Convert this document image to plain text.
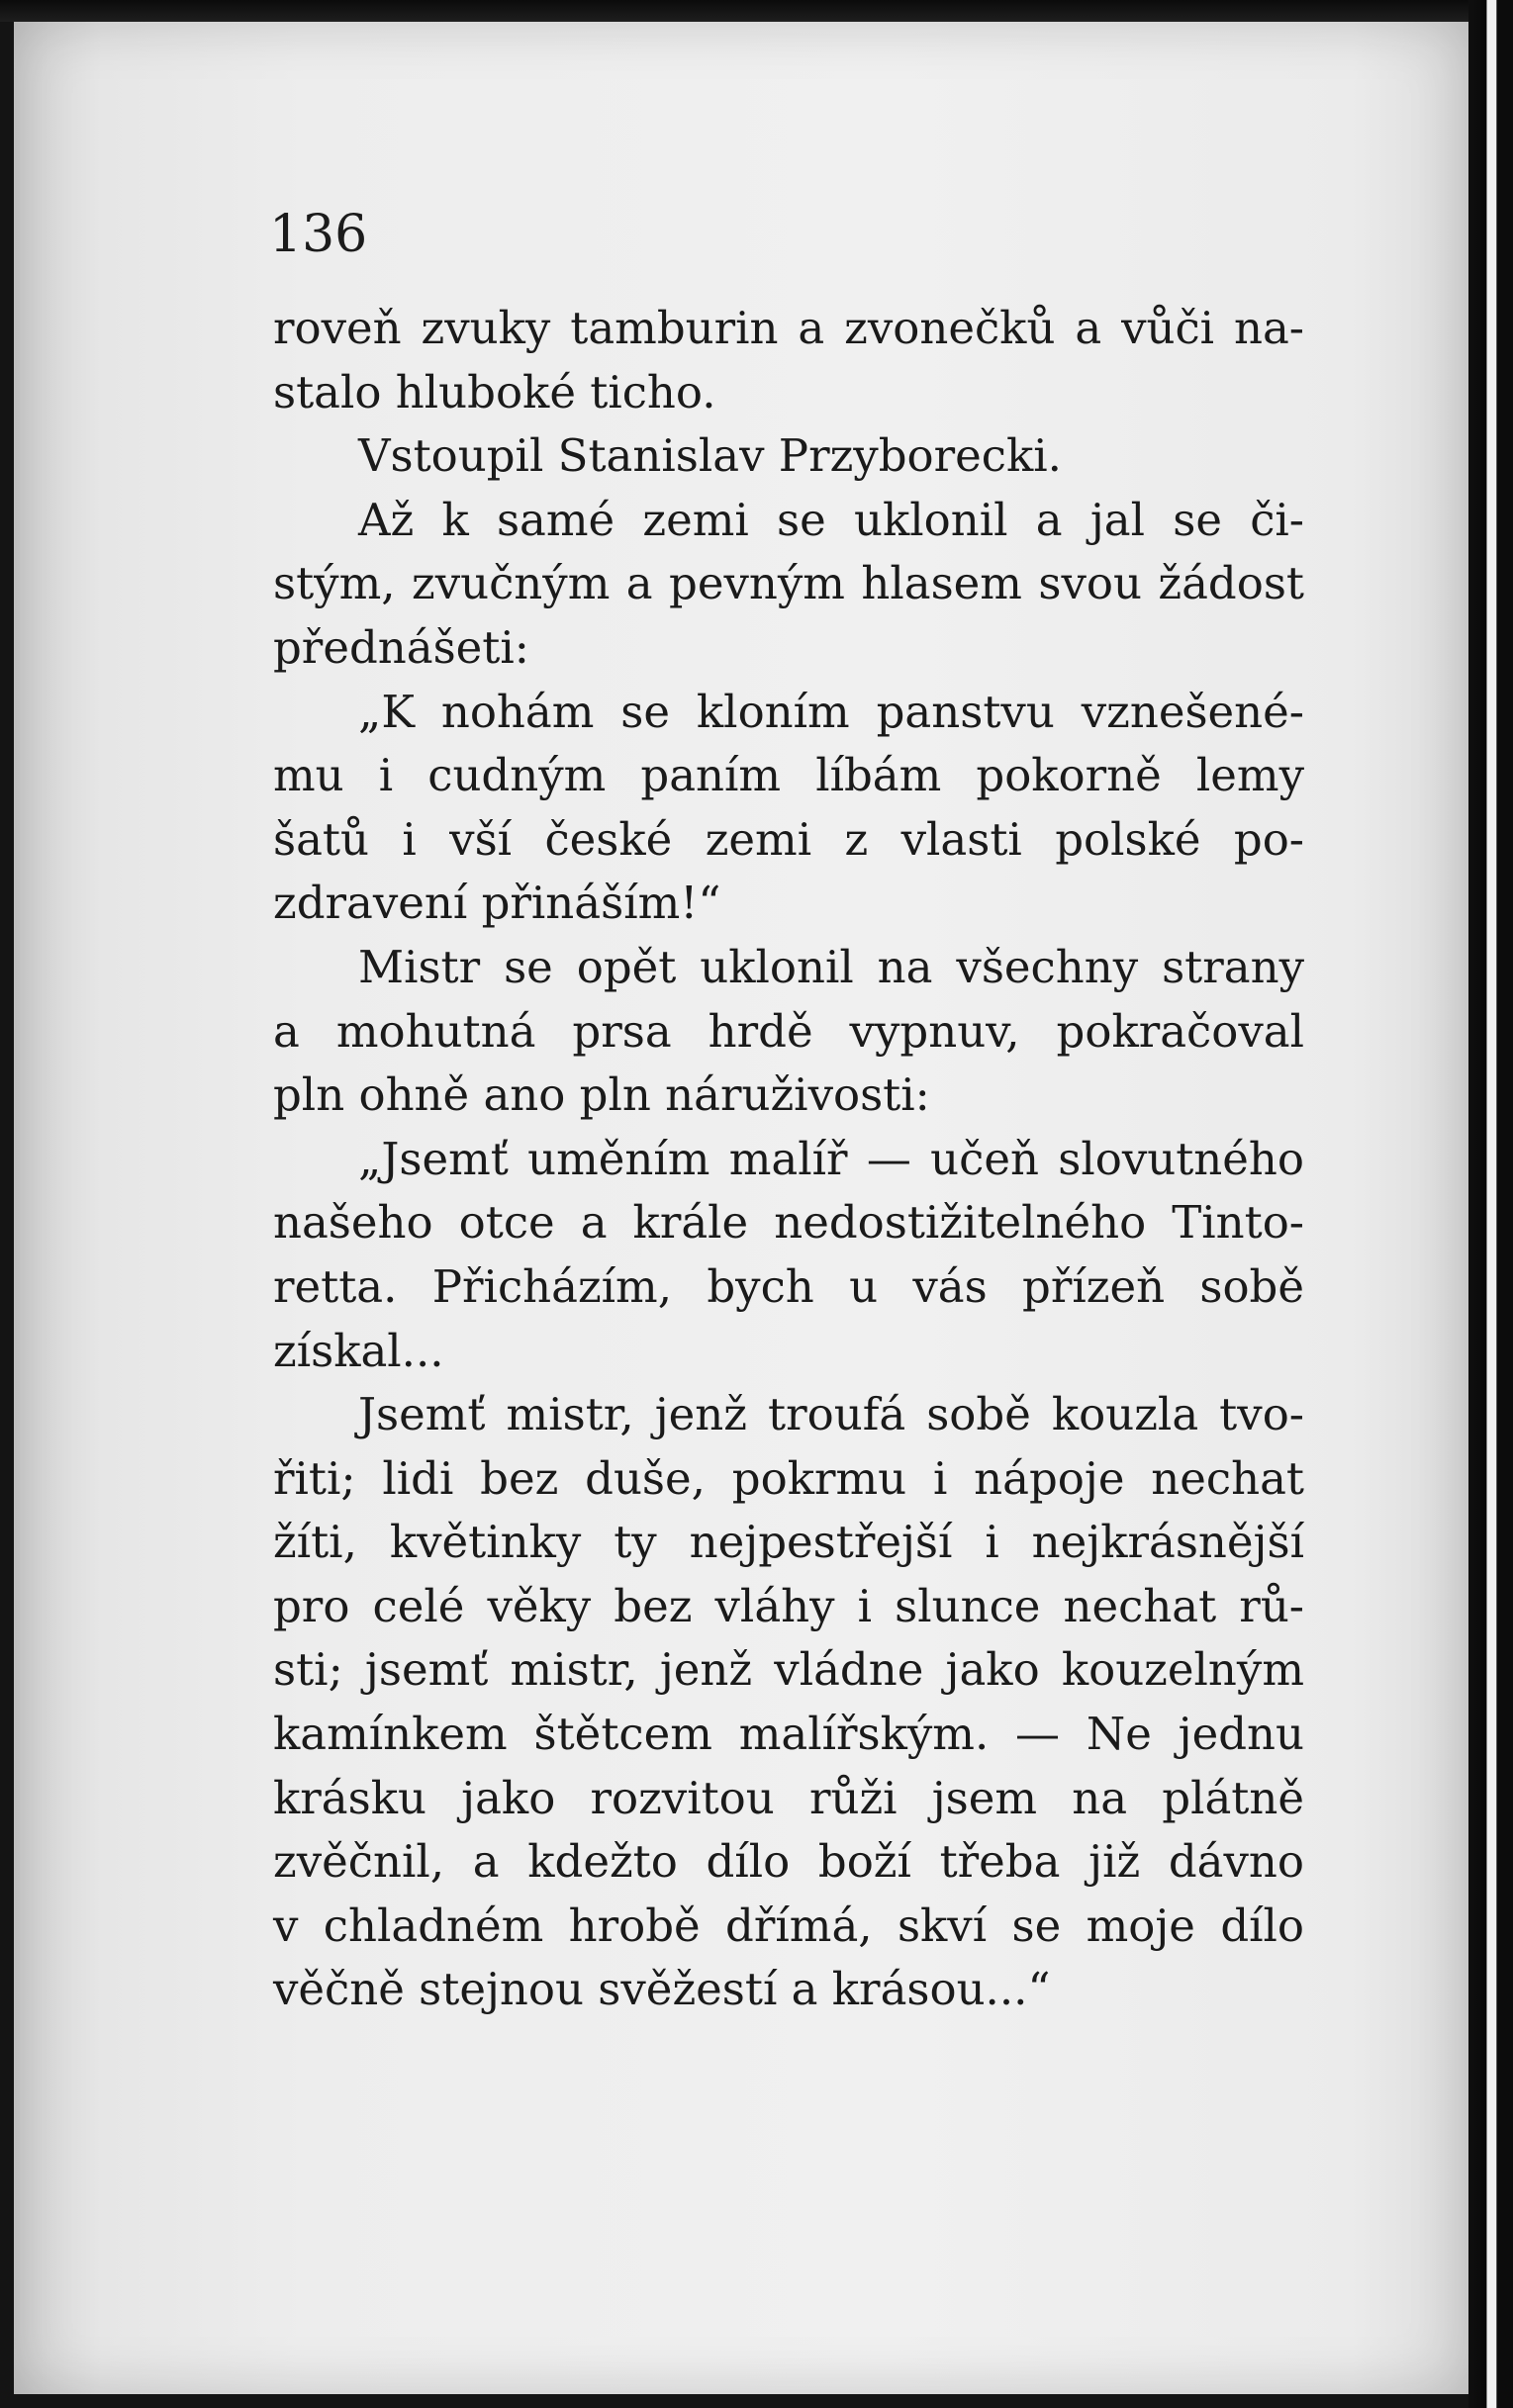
136
roveň zvuky tamburin a zvonečků a vůči na-
stalo hluboké ticho.
Vstoupil Stanislav Przyborecki.
Až k samé zemi se uklonil a jal se či-
stým, zvučným a pevným hlasem svou žádost
přednášeti:
„K nohám se kloním panstvu vznešené-
mu i cudným paním líbám pokorně lemy
šatů i vší české zemi z vlasti polské po-
zdravení přináším!“
Mistr se opět uklonil na všechny strany
a mohutná prsa hrdě vypnuv, pokračoval
pln ohně ano pln náruživosti:
„Jsemť uměním malíř — učeň slovutného
našeho otce a krále nedostižitelného Tinto-
retta. Přicházím, bych u vás přízeň sobě
získal...
Jsemť mistr, jenž troufá sobě kouzla tvo-
řiti; lidi bez duše, pokrmu i nápoje nechat
žíti, květinky ty nejpestřejší i nejkrásnější
pro celé věky bez vláhy i slunce nechat rů-
sti; jsemť mistr, jenž vládne jako kouzelným
kamínkem štětcem malířským. — Ne jednu
krásku jako rozvitou růži jsem na plátně
zvěčnil, a kdežto dílo boží třeba již dávno
v chladném hrobě dřímá, skví se moje dílo
věčně stejnou svěžestí a krásou...“
